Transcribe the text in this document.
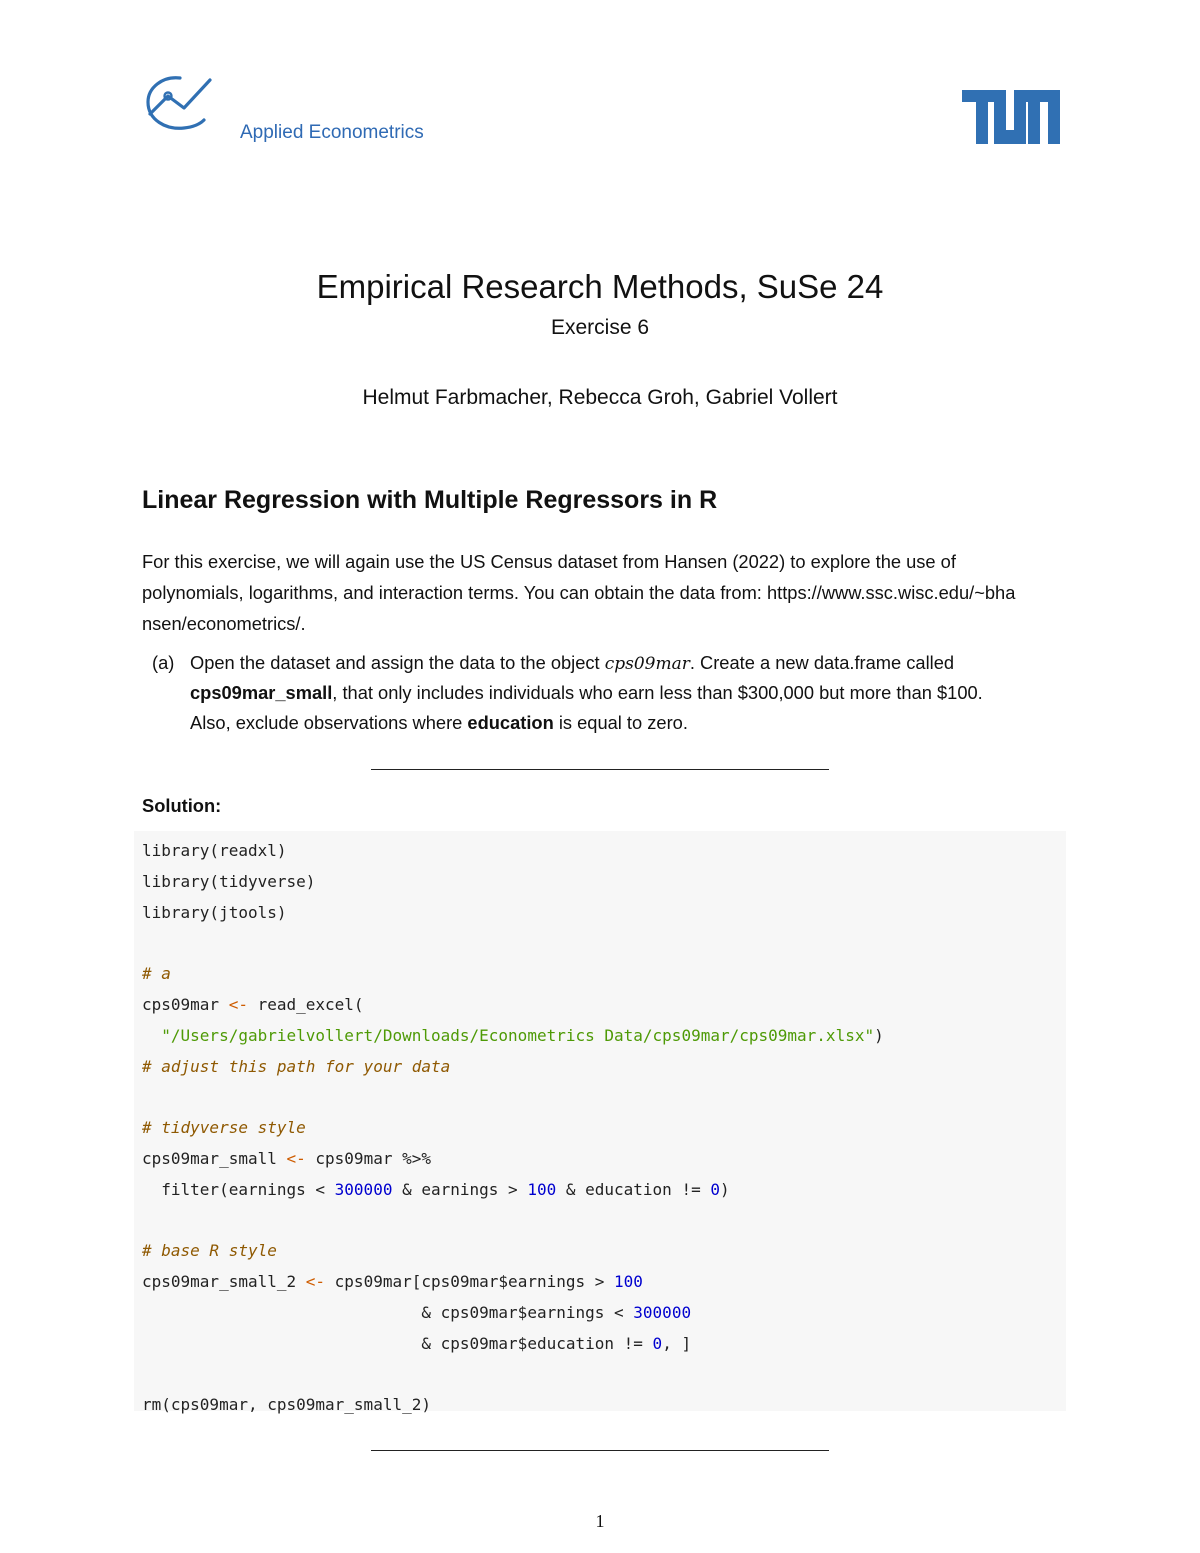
Applied Econometrics
Empirical Research Methods, SuSe 24
Exercise 6
Helmut Farbmacher, Rebecca Groh, Gabriel Vollert
Linear Regression with Multiple Regressors in R
For this exercise, we will again use the US Census dataset from Hansen (2022) to explore the use of
polynomials, logarithms, and interaction terms. You can obtain the data from: https://www.ssc.wisc.edu/~bha
nsen/econometrics/.
(a) Open the dataset and assign the data to the object cps09mar. Create a new data.frame called
cps09mar_small, that only includes individuals who earn less than $300,000 but more than $100.
Also, exclude observations where education is equal to zero.
Solution:
library(readxl)
library(tidyverse)
library(jtools)

# a
cps09mar <- read_excel(
"/Users/gabrielvollert/Downloads/Econometrics Data/cps09mar/cps09mar.xlsx")
# adjust this path for your data

# tidyverse style
cps09mar_small <- cps09mar %>%
filter(earnings < 300000 & earnings > 100 & education != 0)

# base R style
cps09mar_small_2 <- cps09mar[cps09mar$earnings > 100
& cps09mar$earnings < 300000
& cps09mar$education != 0, ]

rm(cps09mar, cps09mar_small_2)
1
